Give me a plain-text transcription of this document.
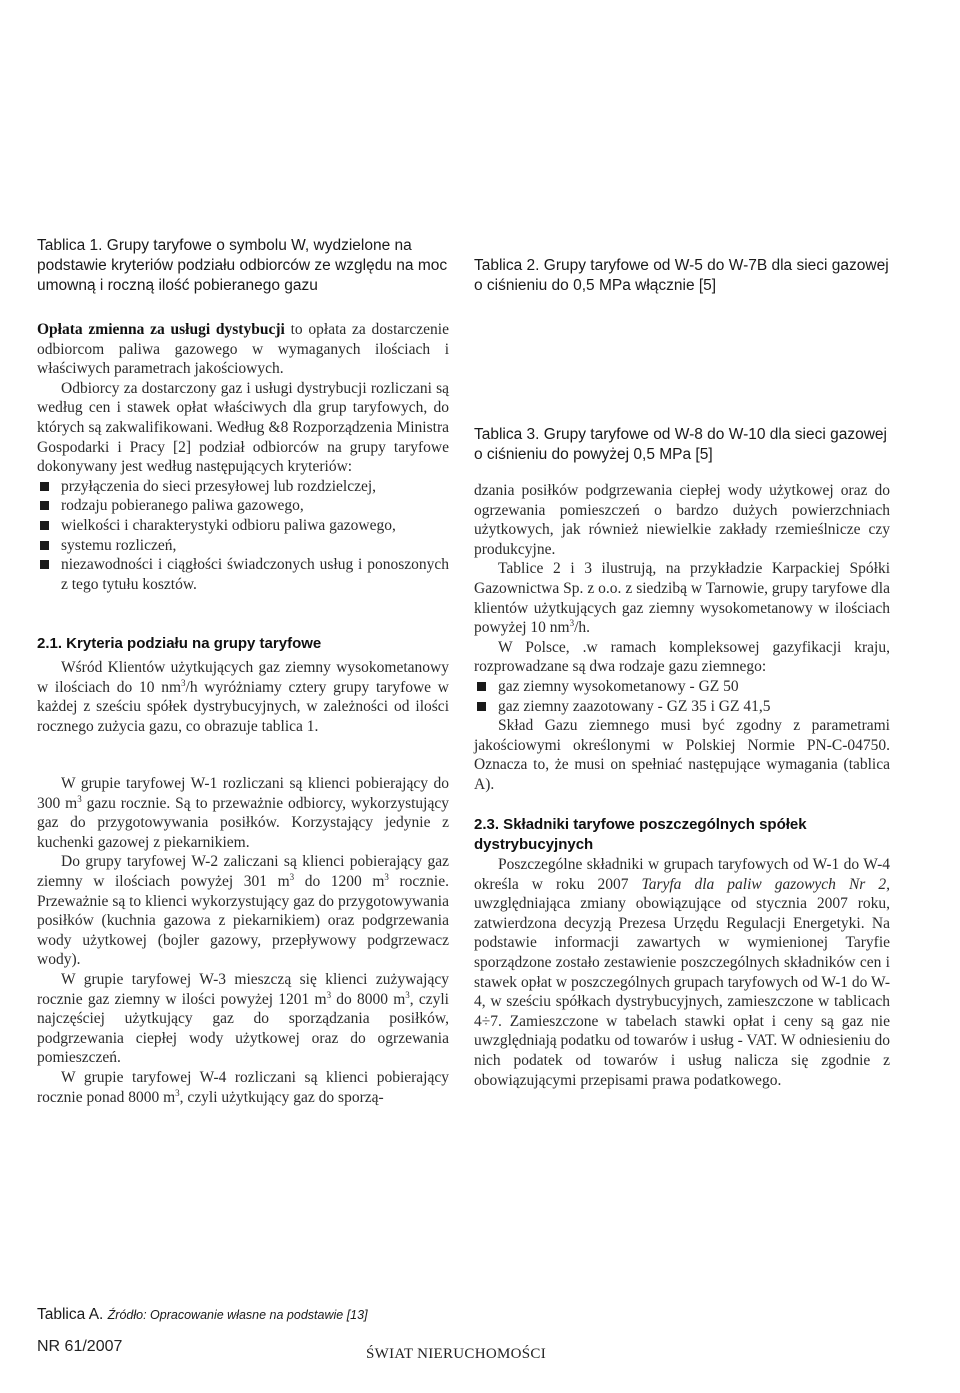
Tablica 1. Grupy taryfowe o symbolu W, wydzielone na podstawie kryteriów podziału odbiorców ze względu na moc umowną i roczną ilość pobieranego gazu
Tablica 2. Grupy taryfowe od W-5 do W-7B dla sieci gazowej o ciśnieniu do 0,5 MPa włącznie [5]
Tablica 3. Grupy taryfowe od W-8 do W-10 dla sieci gazowej o ciśnieniu do powyżej 0,5 MPa [5]

Opłata zmienna za usługi dystybucji to opłata za dostarczenie odbiorcom paliwa gazowego w wymaganych ilościach i właściwych parametrach jakościowych.

Odbiorcy za dostarczony gaz i usługi dystrybucji rozliczani są według cen i stawek opłat właściwych dla grup taryfowych, do których są zakwalifikowani. Według &8 Rozporządzenia Ministra Gospodarki i Pracy [2] podział odbiorców na grupy taryfowe dokonywany jest według następujących kryteriów:

przyłączenia do sieci przesyłowej lub rozdzielczej,
rodzaju pobieranego paliwa gazowego,
wielkości i charakterystyki odbioru paliwa gazowego,
systemu rozliczeń,
niezawodności i ciągłości świadczonych usług i ponoszonych z tego tytułu kosztów.
2.1. Kryteria podziału na grupy taryfowe

Wśród Klientów użytkujących gaz ziemny wysokometanowy w ilościach do 10 $nm^3/h$ wyróżniamy cztery grupy taryfowe w każdej z sześciu spółek dystrybucyjnych, w zależności od ilości rocznego zużycia gazu, co obrazuje tablica 1.

W grupie taryfowej W-1 rozliczani są klienci pobierający do 300 $m^3$ gazu rocznie. Są to przeważnie odbiorcy, wykorzystujący gaz do przygotowywania posiłków. Korzystający jedynie z kuchenki gazowej z piekarnikiem.

Do grupy taryfowej W-2 zaliczani są klienci pobierający gaz ziemny w ilościach powyżej 301 $m^3$ do 1200 $m^3$ rocznie. Przeważnie są to klienci wykorzystujący gaz do przygotowywania posiłków (kuchnia gazowa z piekarnikiem) oraz podgrzewania wody użytkowej (bojler gazowy, przepływowy podgrzewacz wody).

W grupie taryfowej W-3 mieszczą się klienci zużywający rocznie gaz ziemny w ilości powyżej 1201 $m^3$ do 8000 $m^3$, czyli najczęściej użytkujący gaz do sporządzania posiłków, podgrzewania ciepłej wody użytkowej oraz do ogrzewania pomieszczeń.

W grupie taryfowej W-4 rozliczani są klienci pobierający rocznie ponad 8000 $m^3$, czyli użytkujący gaz do sporzą-

dzania posiłków podgrzewania ciepłej wody użytkowej oraz do ogrzewania pomieszczeń o bardzo dużych powierzchniach użytkowych, jak również niewielkie zakłady rzemieślnicze czy produkcyjne.

Tablice 2 i 3 ilustrują, na przykładzie Karpackiej Spółki Gazownictwa Sp. z o.o. z siedzibą w Tarnowie, grupy taryfowe dla klientów użytkujących gaz ziemny wysokometanowy w ilościach powyżej 10 $nm^3/h$.

W Polsce, .w ramach kompleksowej gazyfikacji kraju, rozprowadzane są dwa rodzaje gazu ziemnego:

gaz ziemny wysokometanowy - GZ 50
gaz ziemny zaazotowany - GZ 35 i GZ 41,5

Skład Gazu ziemnego musi być zgodny z parametrami jakościowymi określonymi w Polskiej Normie PN-C-04750. Oznacza to, że musi on spełniać następujące wymagania (tablica A).

2.3. Składniki taryfowe poszczególnych spółek dystrybucyjnych

Poszczególne składniki w grupach taryfowych od W-1 do W-4 określa w roku 2007 Taryfa dla paliw gazowych Nr 2, uwzględniająca zmiany obowiązujące od stycznia 2007 roku, zatwierdzona decyzją Prezesa Urzędu Regulacji Energetyki. Na podstawie informacji zawartych w wymienionej Taryfie sporządzone zostało zestawienie poszczególnych składników cen i stawek opłat w poszczególnych grupach taryfowych od W-1 do W-4, w sześciu spółkach dystrybucyjnych, zamieszczone w tablicach 4÷7. Zamieszczone w tabelach stawki opłat i ceny są gaz nie uwzględniają podatku od towarów i usług - VAT. W odniesieniu do nich podatek od towarów i usług nalicza się zgodnie z obowiązującymi przepisami prawa podatkowego.

Tablica A. Źródło: Opracowanie własne na podstawie [13]
NR 61/2007	ŚWIAT NIERUCHOMOŚCI
